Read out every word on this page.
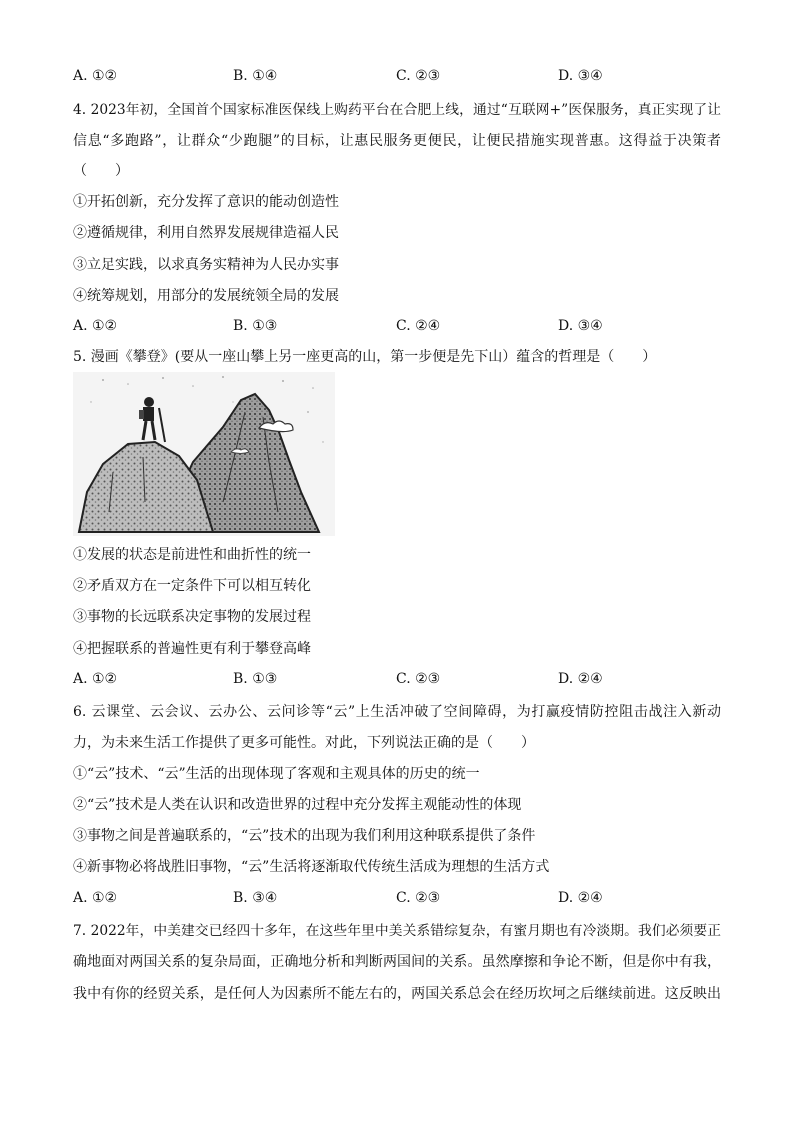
A. ①②	B. ①④	C. ②③	D. ③④
4. 2023年初，全国首个国家标准医保线上购药平台在合肥上线，通过“互联网+”医保服务，真正实现了让
信息“多跑路”，让群众“少跑腿”的目标，让惠民服务更便民，让便民措施实现普惠。这得益于决策者
（　　）
①开拓创新，充分发挥了意识的能动创造性
②遵循规律，利用自然界发展规律造福人民
③立足实践，以求真务实精神为人民办实事
④统筹规划，用部分的发展统领全局的发展
A. ①②	B. ①③	C. ②④	D. ③④
5. 漫画《攀登》(要从一座山攀上另一座更高的山，第一步便是先下山）蕴含的哲理是（　　）
①发展的状态是前进性和曲折性的统一
②矛盾双方在一定条件下可以相互转化
③事物的长远联系决定事物的发展过程
④把握联系的普遍性更有利于攀登高峰
A. ①②	B. ①③	C. ②③	D. ②④
6. 云课堂、云会议、云办公、云问诊等“云”上生活冲破了空间障碍，为打赢疫情防控阻击战注入新动
力，为未来生活工作提供了更多可能性。对此，下列说法正确的是（　　）
①“云”技术、“云”生活的出现体现了客观和主观具体的历史的统一
②“云”技术是人类在认识和改造世界的过程中充分发挥主观能动性的体现
③事物之间是普遍联系的，“云”技术的出现为我们利用这种联系提供了条件
④新事物必将战胜旧事物，“云”生活将逐渐取代传统生活成为理想的生活方式
A. ①②	B. ③④	C. ②③	D. ②④
7. 2022年，中美建交已经四十多年，在这些年里中美关系错综复杂，有蜜月期也有冷淡期。我们必须要正
确地面对两国关系的复杂局面，正确地分析和判断两国间的关系。虽然摩擦和争论不断，但是你中有我，
我中有你的经贸关系，是任何人为因素所不能左右的，两国关系总会在经历坎坷之后继续前进。这反映出
